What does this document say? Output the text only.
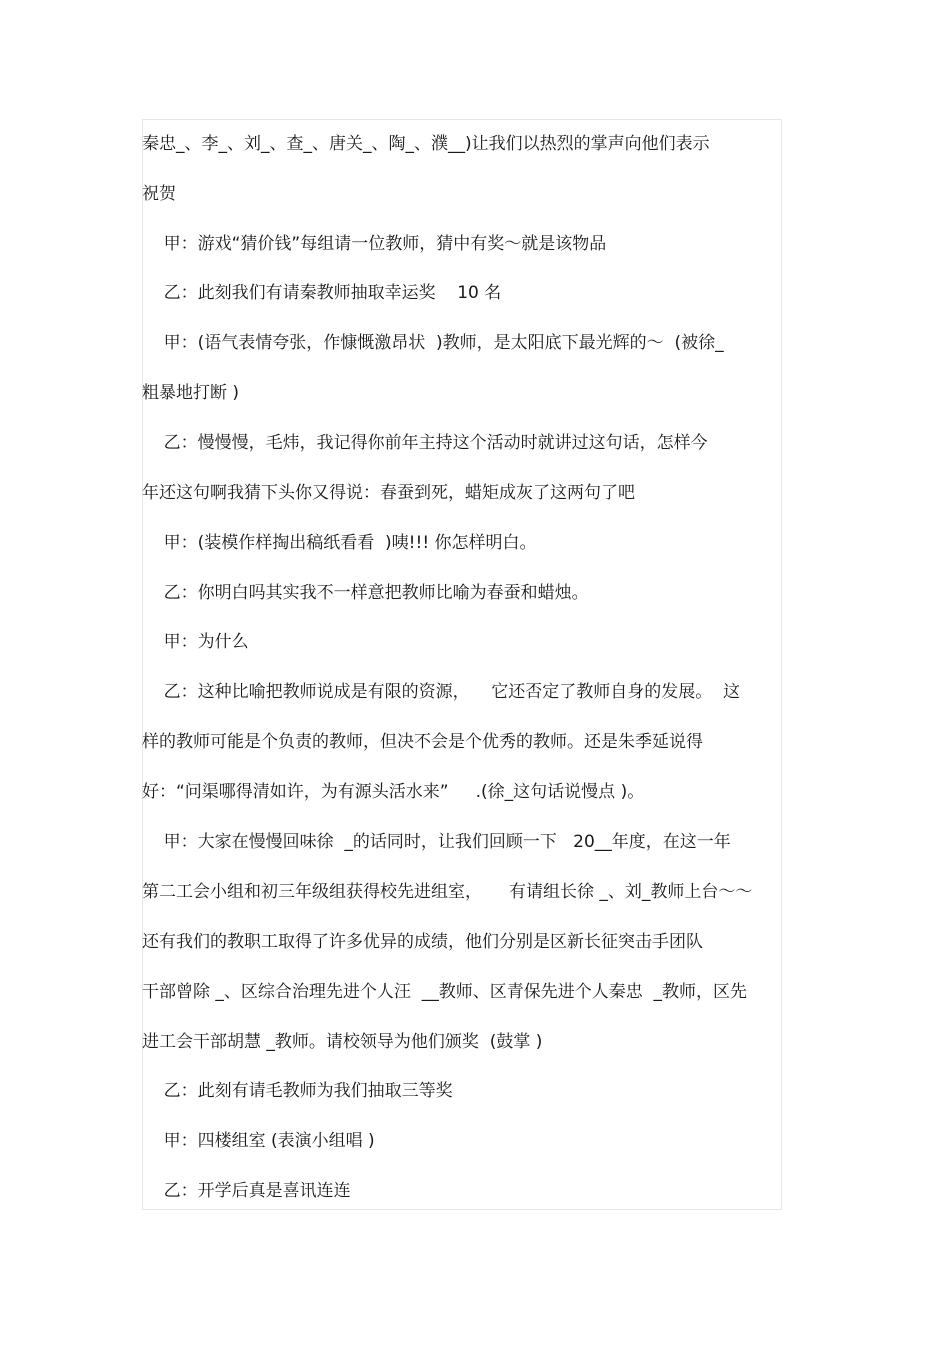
秦忠_、李_、刘_、查_、唐关_、陶_、濮__)让我们以热烈的掌声向他们表示
祝贺
甲：游戏“猜价钱”每组请一位教师，猜中有奖～就是该物品
乙：此刻我们有请秦教师抽取幸运奖    10 名
甲：(语气表情夸张，作慷慨激昂状  )教师，是太阳底下最光辉的～  (被徐_
粗暴地打断 )
乙：慢慢慢，毛炜，我记得你前年主持这个活动时就讲过这句话，怎样今
年还这句啊我猜下头你又得说：春蚕到死，蜡矩成灰了这两句了吧
甲：(装模作样掏出稿纸看看  )咦!!! 你怎样明白。
乙：你明白吗其实我不一样意把教师比喻为春蚕和蜡烛。
甲：为什么
乙：这种比喻把教师说成是有限的资源，    它还否定了教师自身的发展。  这
样的教师可能是个负责的教师，但决不会是个优秀的教师。还是朱季延说得
好：“问渠哪得清如许，为有源头活水来”     .(徐_这句话说慢点 )。
甲：大家在慢慢回味徐  _的话同时，让我们回顾一下   20__年度，在这一年
第二工会小组和初三年级组获得校先进组室，     有请组长徐 _、刘_教师上台～～
还有我们的教职工取得了许多优异的成绩，他们分别是区新长征突击手团队
干部曾除 _、区综合治理先进个人汪  __教师、区青保先进个人秦忠  _教师，区先
进工会干部胡慧 _教师。请校领导为他们颁奖  (鼓掌 )
乙：此刻有请毛教师为我们抽取三等奖
甲：四楼组室 (表演小组唱 )
乙：开学后真是喜讯连连
